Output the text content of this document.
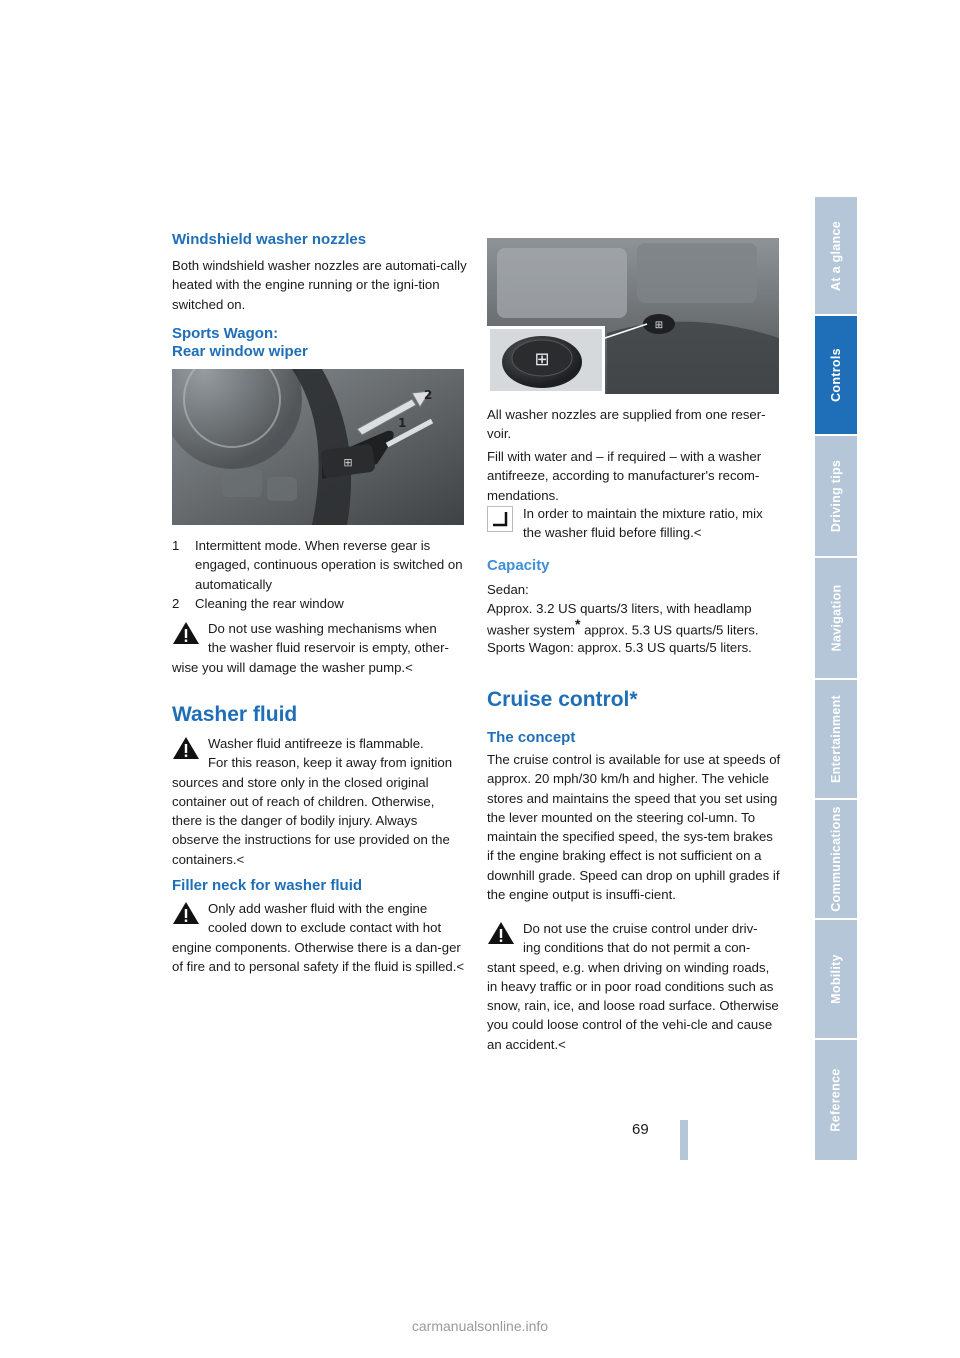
At a glance
Controls
Driving tips
Navigation
Entertainment
Communications
Mobility
Reference
Windshield washer nozzles

Both windshield washer nozzles are automati-cally heated with the engine running or the igni-tion switched on.

Sports Wagon:
Rear window wiper
⊞
1
2
1 Intermittent mode. When reverse gear is engaged, continuous operation is switched on automatically
2 Cleaning the rear window
Do not use washing mechanisms when
the washer fluid reservoir is empty, other-
wise you will damage the washer pump.<
Washer fluid
Washer fluid antifreeze is flammable.
For this reason, keep it away from ignition sources and store only in the closed original container out of reach of children. Otherwise, there is the danger of bodily injury. Always observe the instructions for use provided on the containers.<
Filler neck for washer fluid
Only add washer fluid with the engine
cooled down to exclude contact with hot engine components. Otherwise there is a dan-ger of fire and to personal safety if the fluid is spilled.<
⊞
⊞

All washer nozzles are supplied from one reser-voir.

Fill with water and – if required – with a washer antifreeze, according to manufacturer's recom-mendations.

In order to maintain the mixture ratio, mix
the washer fluid before filling.<
Capacity

Sedan:

Approx. 3.2 US quarts/3 liters, with headlamp

washer system* approx. 5.3 US quarts/5 liters.

Sports Wagon: approx. 5.3 US quarts/5 liters.

Cruise control*
The concept

The cruise control is available for use at speeds of approx. 20 mph/30 km/h and higher. The vehicle stores and maintains the speed that you set using the lever mounted on the steering col-umn. To maintain the specified speed, the sys-tem brakes if the engine braking effect is not sufficient on a downhill grade. Speed can drop on uphill grades if the engine output is insuffi-cient.

Do not use the cruise control under driv-
ing conditions that do not permit a con-
stant speed, e.g. when driving on winding roads, in heavy traffic or in poor road conditions such as snow, rain, ice, and loose road surface. Otherwise you could loose control of the vehi-cle and cause an accident.<
69
carmanualsonline.info
